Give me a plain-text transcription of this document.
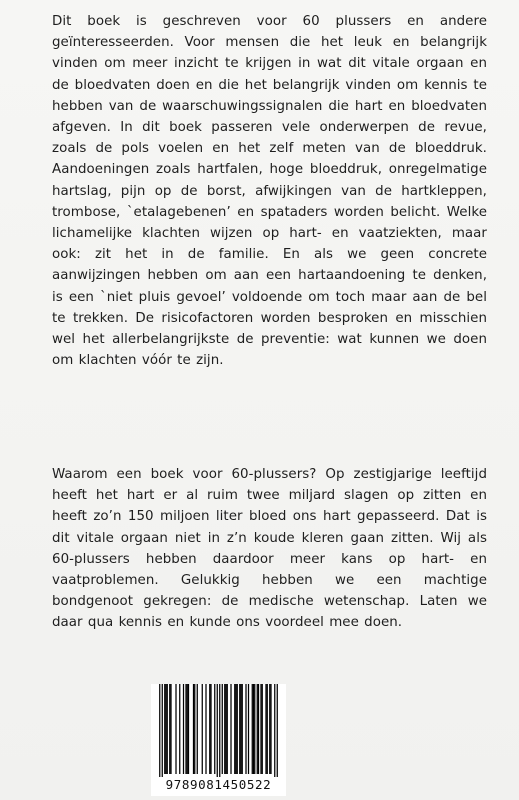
Dit boek is geschreven voor 60 plussers en andere geïnteresseerden. Voor mensen die het leuk en belangrijk vinden om meer inzicht te krijgen in wat dit vitale orgaan en de bloedvaten doen en die het belangrijk vinden om kennis te hebben van de waarschuwingssignalen die hart en bloedvaten afgeven. In dit boek passeren vele onderwerpen de revue, zoals de pols voelen en het zelf meten van de bloeddruk. Aandoeningen zoals hartfalen, hoge bloeddruk, onregelmatige hartslag, pijn op de borst, afwijkingen van de hartkleppen, trombose, `etalagebenen’ en spataders worden belicht. Welke lichamelijke klachten wijzen op hart- en vaatziekten, maar ook: zit het in de familie. En als we geen concrete aanwijzingen hebben om aan een hartaandoening te denken, is een `niet pluis gevoel’ voldoende om toch maar aan de bel te trekken. De risicofactoren worden besproken en misschien wel het allerbelangrijkste de preventie: wat kunnen we doen om klachten vóór te zijn.

Waarom een boek voor 60-plussers? Op zestigjarige leeftijd heeft het hart er al ruim twee miljard slagen op zitten en heeft zo’n 150 miljoen liter bloed ons hart gepasseerd. Dat is dit vitale orgaan niet in z’n koude kleren gaan zitten. Wij als 60-plussers hebben daardoor meer kans op hart- en vaatproblemen. Gelukkig hebben we een machtige bondgenoot gekregen: de medische wetenschap. Laten we daar qua kennis en kunde ons voordeel mee doen.

9789081450522
